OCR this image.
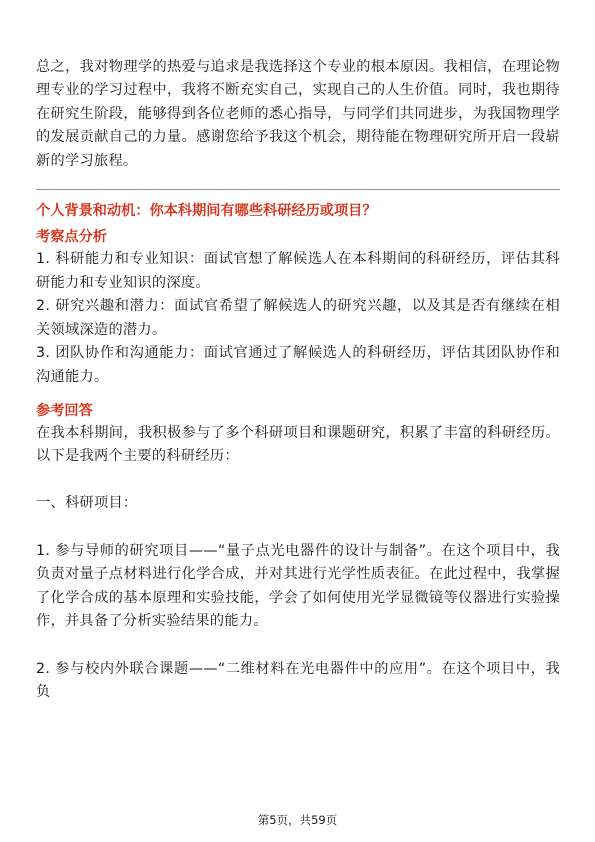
总之，我对物理学的热爱与追求是我选择这个专业的根本原因。我相信，在理论物理专业的学习过程中，我将不断充实自己，实现自己的人生价值。同时，我也期待在研究生阶段，能够得到各位老师的悉心指导，与同学们共同进步，为我国物理学的发展贡献自己的力量。感谢您给予我这个机会，期待能在物理研究所开启一段崭新的学习旅程。

个人背景和动机：你本科期间有哪些科研经历或项目？
考察点分析

1. 科研能力和专业知识：面试官想了解候选人在本科期间的科研经历，评估其科研能力和专业知识的深度。

2. 研究兴趣和潜力：面试官希望了解候选人的研究兴趣，以及其是否有继续在相关领域深造的潜力。

3. 团队协作和沟通能力：面试官通过了解候选人的科研经历，评估其团队协作和沟通能力。

参考回答

在我本科期间，我积极参与了多个科研项目和课题研究，积累了丰富的科研经历。以下是我两个主要的科研经历：

一、科研项目：

1. 参与导师的研究项目——“量子点光电器件的设计与制备”。在这个项目中，我负责对量子点材料进行化学合成，并对其进行光学性质表征。在此过程中，我掌握了化学合成的基本原理和实验技能，学会了如何使用光学显微镜等仪器进行实验操作，并具备了分析实验结果的能力。

2. 参与校内外联合课题——“二维材料在光电器件中的应用”。在这个项目中，我负

第5页，共59页
